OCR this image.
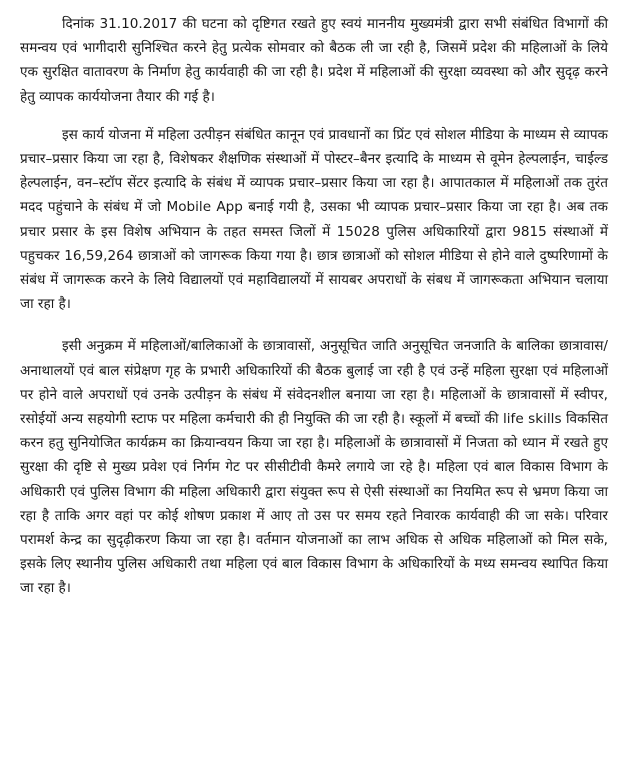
दिनांक 31.10.2017 की घटना को दृष्टिगत रखते हुए स्वयं माननीय मुख्यमंत्री द्वारा सभी संबंधित विभागों की समन्वय एवं भागीदारी सुनिश्चित करने हेतु प्रत्येक सोमवार को बैठक ली जा रही है, जिसमें प्रदेश की महिलाओं के लिये एक सुरक्षित वातावरण के निर्माण हेतु कार्यवाही की जा रही है। प्रदेश में महिलाओं की सुरक्षा व्यवस्था को और सुदृढ़ करने हेतु व्यापक कार्ययोजना तैयार की गई है।

इस कार्य योजना में महिला उत्पीड़न संबंधित कानून एवं प्रावधानों का प्रिंट एवं सोशल मीडिया के माध्यम से व्यापक प्रचार–प्रसार किया जा रहा है, विशेषकर शैक्षणिक संस्थाओं में पोस्टर–बैनर इत्यादि के माध्यम से वूमेन हेल्पलाईन, चाईल्ड हेल्पलाईन, वन–स्टॉप सेंटर इत्यादि के संबंध में व्यापक प्रचार–प्रसार किया जा रहा है। आपातकाल में महिलाओं तक तुरंत मदद पहुंचाने के संबंध में जो Mobile App बनाई गयी है, उसका भी व्यापक प्रचार–प्रसार किया जा रहा है। अब तक प्रचार प्रसार के इस विशेष अभियान के तहत समस्त जिलों में 15028 पुलिस अधिकारियों द्वारा 9815 संस्थाओं में पहुचकर 16,59,264 छात्राओं को जागरूक किया गया है। छात्र छात्राओं को सोशल मीडिया से होने वाले दुष्परिणामों के संबंध में जागरूक करने के लिये विद्यालयों एवं महाविद्यालयों में सायबर अपराधों के संबध में जागरूकता अभियान चलाया जा रहा है।

इसी अनुक्रम में महिलाओं/बालिकाओं के छात्रावासों, अनुसूचित जाति अनुसूचित जनजाति के बालिका छात्रावास/अनाथालयों एवं बाल संप्रेक्षण गृह के प्रभारी अधिकारियों की बैठक बुलाई जा रही है एवं उन्हें महिला सुरक्षा एवं महिलाओं पर होने वाले अपराधों एवं उनके उत्पीड़न के संबंध में संवेदनशील बनाया जा रहा है। महिलाओं के छात्रावासों में स्वीपर, रसोईयों अन्य सहयोगी स्टाफ पर महिला कर्मचारी की ही नियुक्ति की जा रही है। स्कूलों में बच्चों की life skills विकसित करन हतु सुनियोजित कार्यक्रम का क्रियान्वयन किया जा रहा है। महिलाओं के छात्रावासों में निजता को ध्यान में रखते हुए सुरक्षा की दृष्टि से मुख्य प्रवेश एवं निर्गम गेट पर सीसीटीवी कैमरे लगाये जा रहे है। महिला एवं बाल विकास विभाग के अधिकारी एवं पुलिस विभाग की महिला अधिकारी द्वारा संयुक्त रूप से ऐसी संस्थाओं का नियमित रूप से भ्रमण किया जा रहा है ताकि अगर वहां पर कोई शोषण प्रकाश में आए तो उस पर समय रहते निवारक कार्यवाही की जा सके। परिवार परामर्श केन्द्र का सुदृढ़ीकरण किया जा रहा है। वर्तमान योजनाओं का लाभ अधिक से अधिक महिलाओं को मिल सके, इसके लिए स्थानीय पुलिस अधिकारी तथा महिला एवं बाल विकास विभाग के अधिकारियों के मध्य समन्वय स्थापित किया जा रहा है।
